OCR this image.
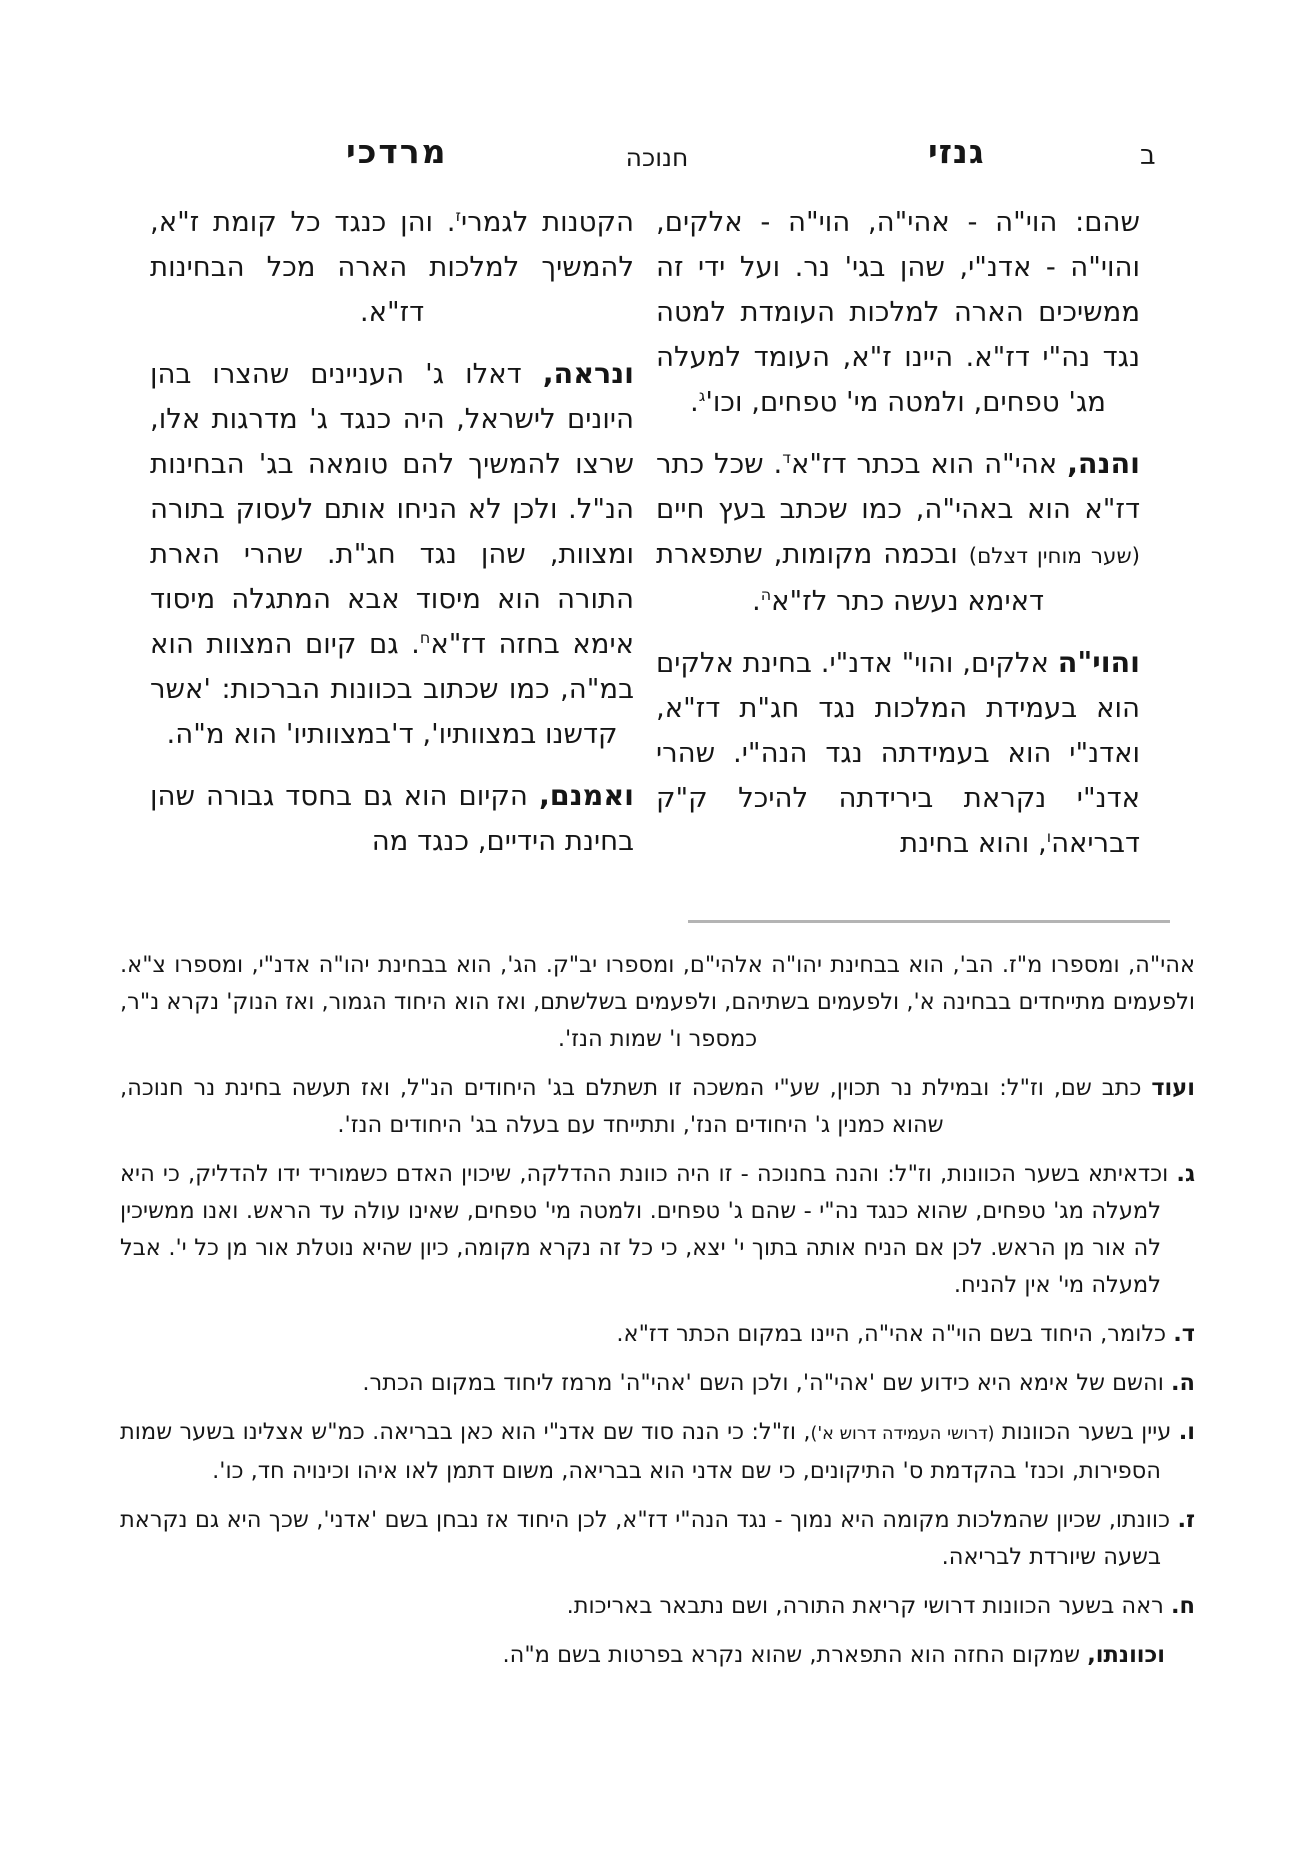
ב
גנזי
חנוכה
מרדכי

שהם: הוי"ה - אהי"ה, הוי"ה - אלקים, והוי"ה - אדנ"י, שהן בגי' נר. ועל ידי זה ממשיכים הארה למלכות העומדת למטה נגד נה"י דז"א. היינו ז"א, העומד למעלה מג' טפחים, ולמטה מי' טפחים, $וכו'^ג$.

והנה, אהי"ה הוא בכתר דז"א$^ד$. שכל כתר דז"א הוא באהי"ה, כמו שכתב בעץ חיים (שער מוחין דצלם) ובכמה מקומות, שתפארת דאימא נעשה כתר לז"א$^ה$.

והוי"ה אלקים, והוי" אדנ"י. בחינת אלקים הוא בעמידת המלכות נגד חג"ת דז"א, ואדנ"י הוא בעמידתה נגד הנה"י. שהרי אדנ"י נקראת בירידתה להיכל ק"ק דבריאה$^ו$, והוא בחינת

הקטנות לגמרי$^ז$. והן כנגד כל קומת ז"א, להמשיך למלכות הארה מכל הבחינות דז"א.

ונראה, דאלו ג' העניינים שהצרו בהן היונים לישראל, היה כנגד ג' מדרגות אלו, שרצו להמשיך להם טומאה בג' הבחינות הנ"ל. ולכן לא הניחו אותם לעסוק בתורה ומצוות, שהן נגד חג"ת. שהרי הארת התורה הוא מיסוד אבא המתגלה מיסוד אימא בחזה דז"א$^ח$. גם קיום המצוות הוא במ"ה, כמו שכתוב בכוונות הברכות: 'אשר קדשנו במצוותיו', ד'במצוותיו' הוא מ"ה.

ואמנם, הקיום הוא גם בחסד גבורה שהן בחינת הידיים, כנגד מה

אהי"ה, ומספרו מ"ז. הב', הוא בבחינת יהו"ה אלהי"ם, ומספרו יב"ק. הג', הוא בבחינת יהו"ה אדנ"י, ומספרו צ"א. ולפעמים מתייחדים בבחינה א', ולפעמים בשתיהם, ולפעמים בשלשתם, ואז הוא היחוד הגמור, ואז הנוק' נקרא נ"ר, כמספר ו' שמות הנז'.

ועוד כתב שם, וז"ל: ובמילת נר תכוין, שע"י המשכה זו תשתלם בג' היחודים הנ"ל, ואז תעשה בחינת נר חנוכה, שהוא כמנין ג' היחודים הנז', ותתייחד עם בעלה בג' היחודים הנז'.

ג. וכדאיתא בשער הכוונות, וז"ל: והנה בחנוכה - זו היה כוונת ההדלקה, שיכוין האדם כשמוריד ידו להדליק, כי היא למעלה מג' טפחים, שהוא כנגד נה"י - שהם ג' טפחים. ולמטה מי' טפחים, שאינו עולה עד הראש. ואנו ממשיכין לה אור מן הראש. לכן אם הניח אותה בתוך י' יצא, כי כל זה נקרא מקומה, כיון שהיא נוטלת אור מן כל י'. אבל למעלה מי' אין להניח.

ד. כלומר, היחוד בשם הוי"ה אהי"ה, היינו במקום הכתר דז"א.

ה. והשם של אימא היא כידוע שם 'אהי"ה', ולכן השם 'אהי"ה' מרמז ליחוד במקום הכתר.

ו. עיין בשער הכוונות (דרושי העמידה דרוש א'), וז"ל: כי הנה סוד שם אדנ"י הוא כאן בבריאה. כמ"ש אצלינו בשער שמות הספירות, וכנז' בהקדמת ס' התיקונים, כי שם אדני הוא בבריאה, משום דתמן לאו איהו וכינויה חד, כו'.

ז. כוונתו, שכיון שהמלכות מקומה היא נמוך - נגד הנה"י דז"א, לכן היחוד אז נבחן בשם 'אדני', שכך היא גם נקראת בשעה שיורדת לבריאה.

ח. ראה בשער הכוונות דרושי קריאת התורה, ושם נתבאר באריכות.

וכוונתו, שמקום החזה הוא התפארת, שהוא נקרא בפרטות בשם מ"ה.
